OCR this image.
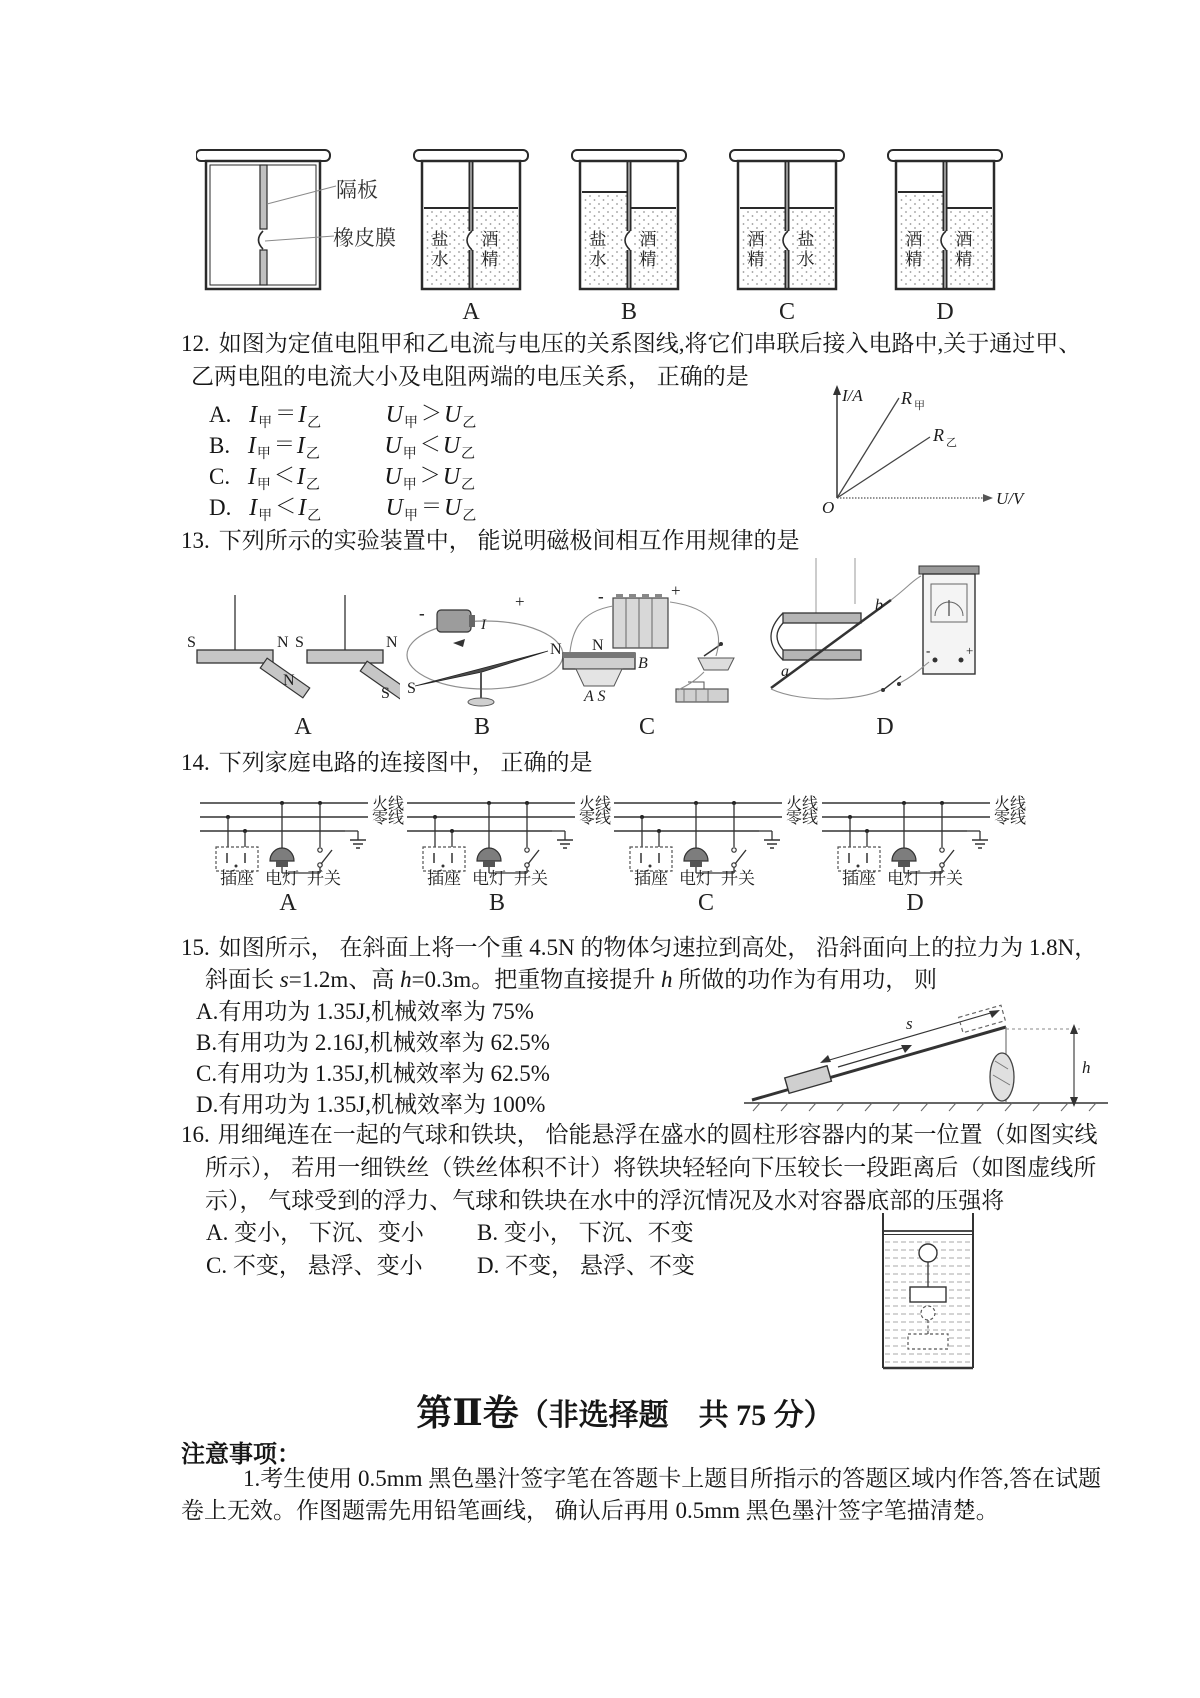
隔板
橡皮膜 盐水 酒精	盐水 酒精	酒精 盐水	酒精 酒精
A	B	C	D
12. 如图为定值电阻甲和乙电流与电压的关系图线,将它们串联后接入电路中,关于通过甲、
乙两电阻的电流大小及电阻两端的电压关系， 正确的是
A. $I_甲 =I_乙$	$U_甲 >U_乙$
B. $I_甲 =I_乙$	$U_甲 <U_乙$
C. $I_甲 <I_乙$	$U_甲 >U_乙$
D. $I_甲 <I_乙$	$U_甲 =U_乙$
I/A R 甲
R 乙
O	U/V
13. 下列所示的实验装置中， 能说明磁极间相互作用规律的是
S	N
N
S	N
S
-
+
I
N
S
-	+
N
B
A S
a
b
-	+
A	B	C	D
14. 下列家庭电路的连接图中， 正确的是
火线
零线
插座 电灯 开关
火线
零线
插座 电灯 开关
火线
零线
插座 电灯 开关
火线
零线
插座 电灯 开关
A	B	C	D
15. 如图所示， 在斜面上将一个重 4.5N 的物体匀速拉到高处， 沿斜面向上的拉力为 1.8N，
斜面长 s=1.2m、高 h=0.3m。把重物直接提升 h 所做的功作为有用功， 则
A.有用功为 1.35J,机械效率为 75%
B.有用功为 2.16J,机械效率为 62.5%
C.有用功为 1.35J,机械效率为 62.5%
D.有用功为 1.35J,机械效率为 100%
s
h
16. 用细绳连在一起的气球和铁块， 恰能悬浮在盛水的圆柱形容器内的某一位置（如图实线
所示）， 若用一细铁丝（铁丝体积不计）将铁块轻轻向下压较长一段距离后（如图虚线所
示）， 气球受到的浮力、气球和铁块在水中的浮沉情况及水对容器底部的压强将
A. 变小， 下沉、变小 B. 变小， 下沉、不变
C. 不变， 悬浮、变小 D. 不变， 悬浮、不变
第Ⅱ卷（非选择题　共 75 分）
注意事项：
1.考生使用 0.5mm 黑色墨汁签字笔在答题卡上题目所指示的答题区域内作答,答在试题
卷上无效。作图题需先用铅笔画线， 确认后再用 0.5mm 黑色墨汁签字笔描清楚。
